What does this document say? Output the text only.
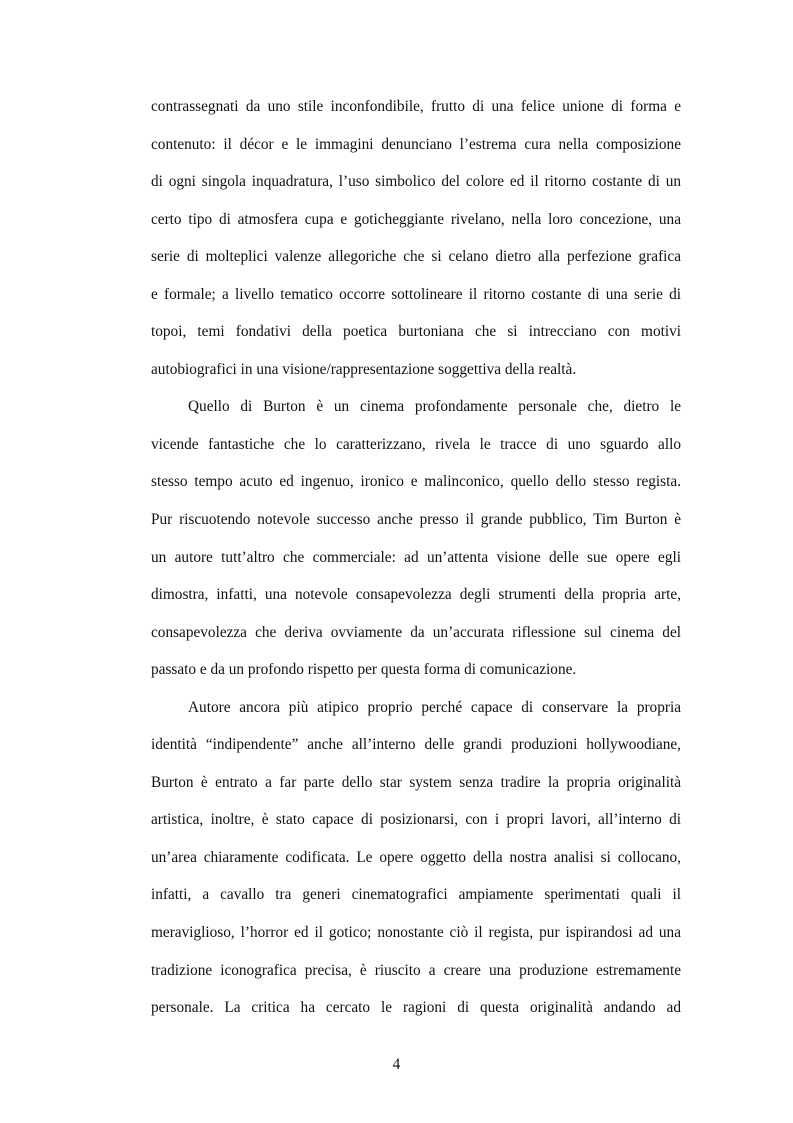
contrassegnati da uno stile inconfondibile, frutto di una felice unione di forma e
contenuto: il décor e le immagini denunciano l’estrema cura nella composizione
di ogni singola inquadratura, l’uso simbolico del colore ed il ritorno costante di un
certo tipo di atmosfera cupa e goticheggiante rivelano, nella loro concezione, una
serie di molteplici valenze allegoriche che si celano dietro alla perfezione grafica
e formale; a livello tematico occorre sottolineare il ritorno costante di una serie di
topoi, temi fondativi della poetica burtoniana che si intrecciano con motivi
autobiografici in una visione/rappresentazione soggettiva della realtà.
Quello di Burton è un cinema profondamente personale che, dietro le
vicende fantastiche che lo caratterizzano, rivela le tracce di uno sguardo allo
stesso tempo acuto ed ingenuo, ironico e malinconico, quello dello stesso regista.
Pur riscuotendo notevole successo anche presso il grande pubblico, Tim Burton è
un autore tutt’altro che commerciale: ad un’attenta visione delle sue opere egli
dimostra, infatti, una notevole consapevolezza degli strumenti della propria arte,
consapevolezza che deriva ovviamente da un’accurata riflessione sul cinema del
passato e da un profondo rispetto per questa forma di comunicazione.
Autore ancora più atipico proprio perché capace di conservare la propria
identità “indipendente” anche all’interno delle grandi produzioni hollywoodiane,
Burton è entrato a far parte dello star system senza tradire la propria originalità
artistica, inoltre, è stato capace di posizionarsi, con i propri lavori, all’interno di
un’area chiaramente codificata. Le opere oggetto della nostra analisi si collocano,
infatti, a cavallo tra generi cinematografici ampiamente sperimentati quali il
meraviglioso, l’horror ed il gotico; nonostante ciò il regista, pur ispirandosi ad una
tradizione iconografica precisa, è riuscito a creare una produzione estremamente
personale. La critica ha cercato le ragioni di questa originalità andando ad
4
